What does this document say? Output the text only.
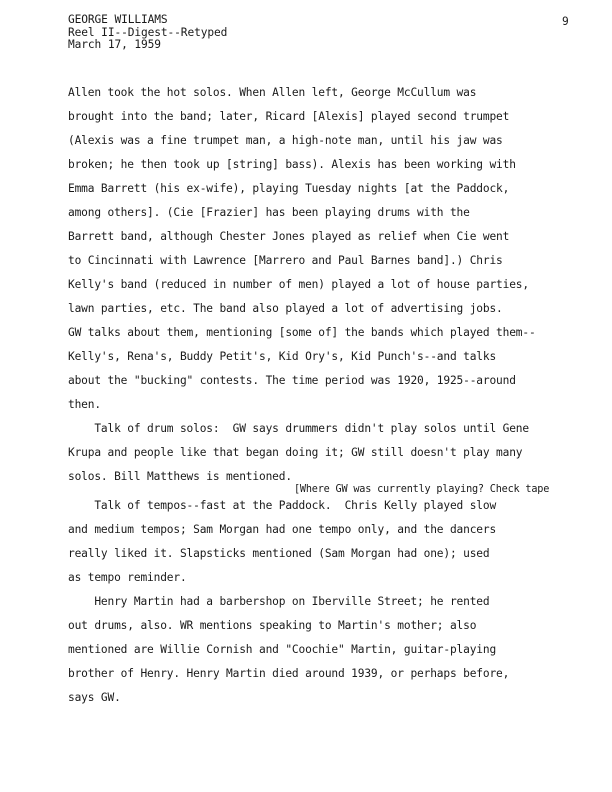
GEORGE WILLIAMS
Reel II--Digest--Retyped
March 17, 1959
9
Allen took the hot solos. When Allen left, George McCullum was
brought into the band; later, Ricard [Alexis] played second trumpet
(Alexis was a fine trumpet man, a high-note man, until his jaw was
broken; he then took up [string] bass). Alexis has been working with
Emma Barrett (his ex-wife), playing Tuesday nights [at the Paddock,
among others]. (Cie [Frazier] has been playing drums with the
Barrett band, although Chester Jones played as relief when Cie went
to Cincinnati with Lawrence [Marrero and Paul Barnes band].) Chris
Kelly's band (reduced in number of men) played a lot of house parties,
lawn parties, etc. The band also played a lot of advertising jobs.
GW talks about them, mentioning [some of] the bands which played them--
Kelly's, Rena's, Buddy Petit's, Kid Ory's, Kid Punch's--and talks
about the "bucking" contests. The time period was 1920, 1925--around
then.
Talk of drum solos:  GW says drummers didn't play solos until Gene
Krupa and people like that began doing it; GW still doesn't play many
solos. Bill Matthews is mentioned.
Talk of tempos--fast at the Paddock.  Chris Kelly played slow
and medium tempos; Sam Morgan had one tempo only, and the dancers
really liked it. Slapsticks mentioned (Sam Morgan had one); used
as tempo reminder.
Henry Martin had a barbershop on Iberville Street; he rented
out drums, also. WR mentions speaking to Martin's mother; also
mentioned are Willie Cornish and "Coochie" Martin, guitar-playing
brother of Henry. Henry Martin died around 1939, or perhaps before,
says GW.
[Where GW was currently playing? Check tape
